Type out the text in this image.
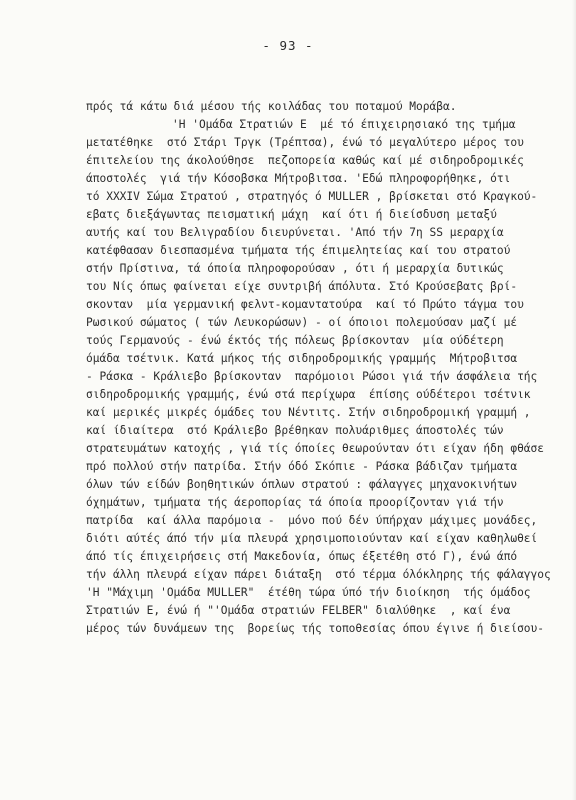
- 93 -
πρός τά κάτω διά μέσου τής κοιλάδας του ποταμού Μοράβα.
'Η 'Ομάδα Στρατιών Ε  μέ τό έπιχειρησιακό της τμήμα
μετατέθηκε  στό Στάρι Τργκ (Τρέπτσα), ένώ τό μεγαλύτερο μέρος του
έπιτελείου της άκολούθησε  πεζοπορεία καθώς καί μέ σιδηροδρομικές
άποστολές  γιά τήν Κόσοβσκα Μήτροβιτσα. 'Εδώ πληροφορήθηκε, ότι
τό XXXIV Σώμα Στρατού , στρατηγός ό MULLER , βρίσκεται στό Κραγκού-
εβατς διεξάγωντας πεισματική μάχη  καί ότι ή διείσδυση μεταξύ
αυτής καί του Βελιγραδίου διευρύνεται. 'Από τήν 7η SS μεραρχία
κατέφθασαν διεσπασμένα τμήματα τής έπιμελητείας καί του στρατού
στήν Πρίστινα, τά όποία πληροφορούσαν , ότι ή μεραρχία δυτικώς
του Νίς όπως φαίνεται είχε συντριβή άπόλυτα. Στό Κρούσεβατς βρί-
σκονταν  μία γερμανική φελντ-κομαντατούρα  καί τό Πρώτο τάγμα του
Ρωσικού σώματος ( τών Λευκορώσων) - οί όποιοι πολεμούσαν μαζί μέ
τούς Γερμανούς - ένώ έκτός τής πόλεως βρίσκονταν  μία ούδέτερη
όμάδα τσέτνικ. Κατά μήκος τής σιδηροδρομικής γραμμής  Μήτροβιτσα
- Ράσκα - Κράλιεβο βρίσκονταν  παρόμοιοι Ρώσοι γιά τήν άσφάλεια τής
σιδηροδρομικής γραμμής, ένώ στά περίχωρα  έπίσης ούδέτεροι τσέτνικ
καί μερικές μικρές όμάδες του Νέντιτς. Στήν σιδηροδρομική γραμμή ,
καί ίδιαίτερα  στό Κράλιεβο βρέθηκαν πολυάριθμες άποστολές τών
στρατευμάτων κατοχής , γιά τίς όποίες θεωρούνταν ότι είχαν ήδη φθάσε
πρό πολλού στήν πατρίδα. Στήν όδό Σκόπιε - Ράσκα βάδιζαν τμήματα
όλων τών είδών βοηθητικών όπλων στρατού : φάλαγγες μηχανοκινήτων
όχημάτων, τμήματα τής άεροπορίας τά όποία προορίζονταν γιά τήν
πατρίδα  καί άλλα παρόμοια -  μόνο πού δέν ύπήρχαν μάχιμες μονάδες,
διότι αύτές άπό τήν μία πλευρά χρησιμοποιούνταν καί είχαν καθηλωθεί
άπό τίς έπιχειρήσεις στή Μακεδονία, όπως έξετέθη στό Γ), ένώ άπό
τήν άλλη πλευρά είχαν πάρει διάταξη  στό τέρμα όλόκληρης τής φάλαγγος
'Η "Μάχιμη 'Ομάδα MULLER"  έτέθη τώρα ύπό τήν διοίκηση  τής όμάδος
Στρατιών Ε, ένώ ή "'Ομάδα στρατιών FELBER" διαλύθηκε  , καί ένα
μέρος τών δυνάμεων της  βορείως τής τοποθεσίας όπου έγινε ή διείσου-
